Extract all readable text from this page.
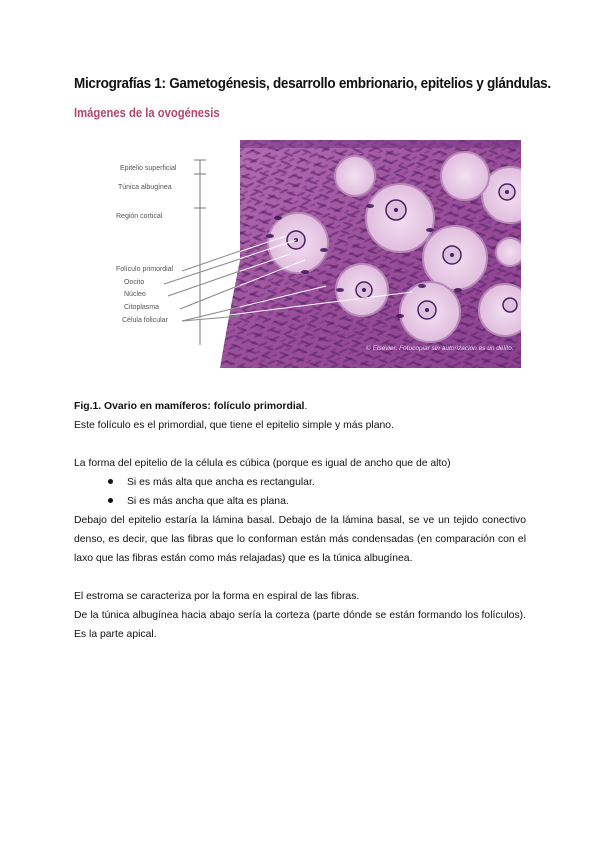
Micrografías 1: Gametogénesis, desarrollo embrionario, epitelios y glándulas.
Imágenes de la ovogénesis
Epitelio superficial
Túnica albugínea
Región cortical
Folículo primordial
Oocito
Núcleo
Citoplasma
Célula folicular
© Elsevier. Fotocopiar sin autorización es un delito.
Fig.1. Ovario en mamíferos: folículo primordial.
Este folículo es el primordial, que tiene el epitelio simple y más plano.
La forma del epitelio de la célula es cúbica (porque es igual de ancho que de alto)
Si es más alta que ancha es rectangular.
Si es más ancha que alta es plana.
Debajo del epitelio estaría la lámina basal. Debajo de la lámina basal, se ve un tejido conectivo denso, es decir, que las fibras que lo conforman están más condensadas (en comparación con el laxo que las fibras están como más relajadas) que es la túnica albugínea.
El estroma se caracteriza por la forma en espiral de las fibras.
De la túnica albugínea hacia abajo sería la corteza (parte dónde se están formando los folículos). Es la parte apical.
